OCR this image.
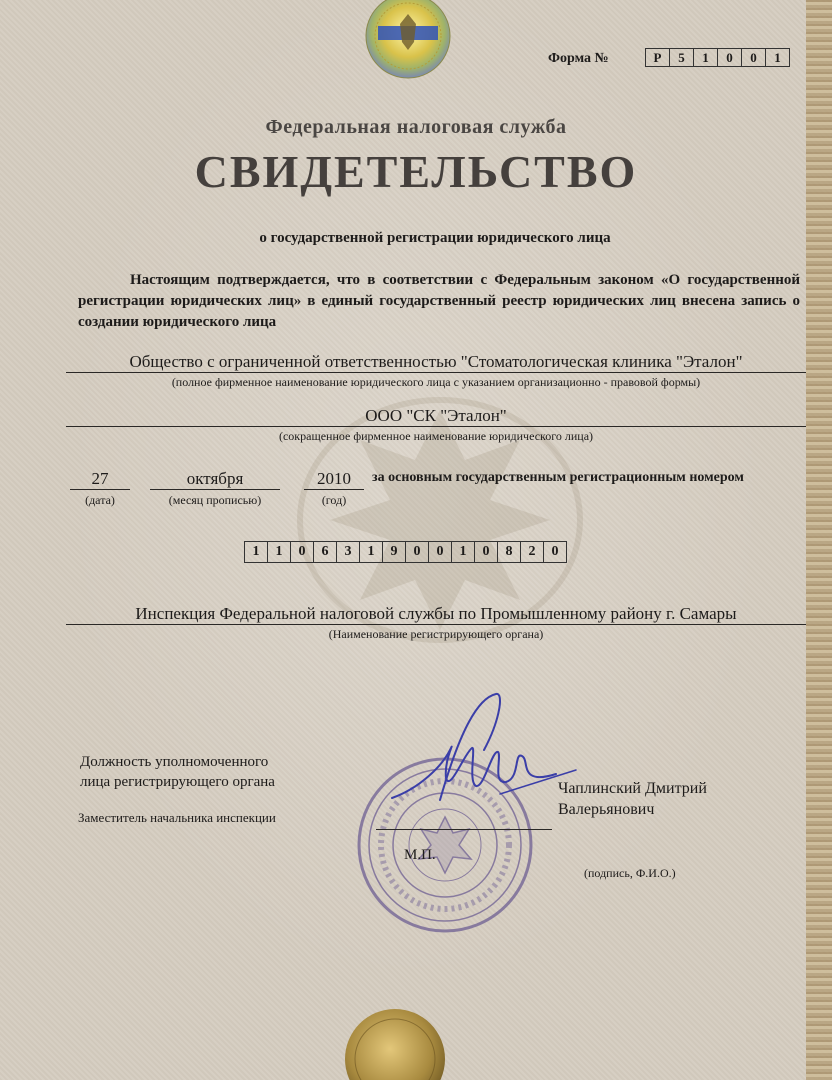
Форма №	Р	5	1	0	0	1
Федеральная налоговая служба
СВИДЕТЕЛЬСТВО
о государственной регистрации юридического лица
Настоящим подтверждается, что в соответствии с Федеральным законом «О государственной регистрации юридических лиц» в единый государственный реестр юридических лиц внесена запись о создании юридического лица
Общество с ограниченной ответственностью "Стоматологическая клиника "Эталон"
(полное фирменное наименование юридического лица с указанием организационно - правовой формы)
ООО "СК "Эталон"
(сокращенное фирменное наименование юридического лица)
27
(дата)
октября
(месяц прописью)
2010
(год)
за основным государственным регистрационным номером
1	1	0	6	3	1	9	0	0	1	0	8	2	0
Инспекция Федеральной налоговой службы по Промышленному району г. Самары
(Наименование регистрирующего органа)
Должность уполномоченного
лица регистрирующего органа
Заместитель начальника инспекции
Чаплинский Дмитрий
Валерьянович
М.П.
(подпись, Ф.И.О.)
